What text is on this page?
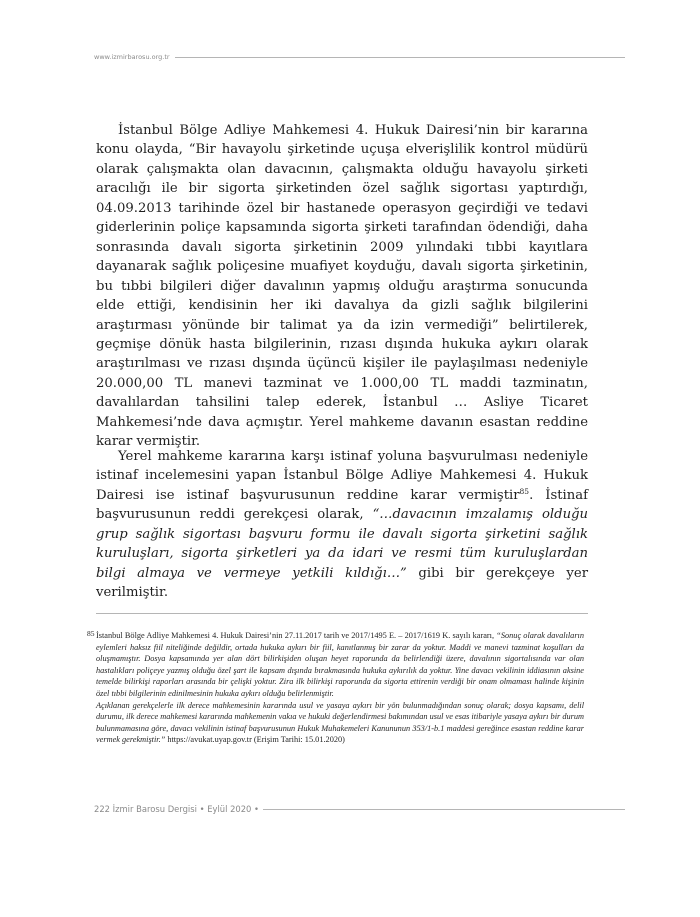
www.izmirbarosu.org.tr

İstanbul Bölge Adliye Mahkemesi 4. Hukuk Dairesi’nin bir kararına konu olayda, “Bir havayolu şirketinde uçuşa elverişlilik kontrol müdürü olarak çalışmakta olan davacının, çalışmakta olduğu havayolu şirketi aracılığı ile bir sigorta şirketinden özel sağlık sigortası yaptırdığı, 04.09.2013 tarihinde özel bir hastanede operasyon geçirdiği ve tedavi giderlerinin poliçe kapsamında sigorta şirketi tarafından ödendiği, daha sonrasında davalı sigorta şirketinin 2009 yılındaki tıbbi kayıtlara dayanarak sağlık poliçesine muafiyet koyduğu, davalı sigorta şirketinin, bu tıbbi bilgileri diğer davalının yapmış olduğu araştırma sonucunda elde ettiği, kendisinin her iki davalıya da gizli sağlık bilgilerini araştırması yönünde bir talimat ya da izin vermediği” belirtilerek, geçmişe dönük hasta bilgilerinin, rızası dışında hukuka aykırı olarak araştırılması ve rızası dışında üçüncü kişiler ile paylaşılması nedeniyle 20.000,00 TL manevi tazminat ve 1.000,00 TL maddi tazminatın, davalılardan tahsilini talep ederek, İstanbul … Asliye Ticaret Mahkemesi’nde dava açmıştır. Yerel mahkeme davanın esastan reddine karar vermiştir.

Yerel mahkeme kararına karşı istinaf yoluna başvurulması nedeniyle istinaf incelemesini yapan İstanbul Bölge Adliye Mahkemesi 4. Hukuk Dairesi ise istinaf başvurusunun reddine karar vermiştir$^{85}$. İstinaf başvurusunun reddi gerekçesi olarak, “…davacının imzalamış olduğu grup sağlık sigortası başvuru formu ile davalı sigorta şirketini sağlık kuruluşları, sigorta şirketleri ya da idari ve resmi tüm kuruluşlardan bilgi almaya ve vermeye yetkili kıldığı…” gibi bir gerekçeye yer verilmiştir.

85 İstanbul Bölge Adliye Mahkemesi 4. Hukuk Dairesi’nin 27.11.2017 tarih ve 2017/1495 E. – 2017/1619 K. sayılı kararı, “Sonuç olarak davalıların eylemleri haksız fiil niteliğinde değildir, ortada hukuka aykırı bir fiil, kanıtlanmış bir zarar da yoktur. Maddi ve manevi tazminat koşulları da oluşmamıştır. Dosya kapsamında yer alan dört bilirkişiden oluşan heyet raporunda da belirlendiği üzere, davalının sigortalısında var olan hastalıkları poliçeye yazmış olduğu özel şart ile kapsam dışında bırakmasında hukuka aykırılık da yoktur. Yine davacı vekilinin iddiasının aksine temelde bilirkişi raporları arasında bir çelişki yoktur. Zira ilk bilirkişi raporunda da sigorta ettirenin verdiği bir onam olmaması halinde kişinin özel tıbbi bilgilerinin edinilmesinin hukuka aykırı olduğu belirlenmiştir.

Açıklanan gerekçelerle ilk derece mahkemesinin kararında usul ve yasaya aykırı bir yön bulunmadığından sonuç olarak; dosya kapsamı, delil durumu, ilk derece mahkemesi kararında mahkemenin vakıa ve hukuki değerlendirmesi bakımından usul ve esas itibariyle yasaya aykırı bir durum bulunmamasına göre, davacı vekilinin istinaf başvurusunun Hukuk Muhakemeleri Kanununun 353/1-b.1 maddesi gereğince esastan reddine karar vermek gerekmiştir.” https://avukat.uyap.gov.tr (Erişim Tarihi: 15.01.2020)

222 İzmir Barosu Dergisi • Eylül 2020 •
